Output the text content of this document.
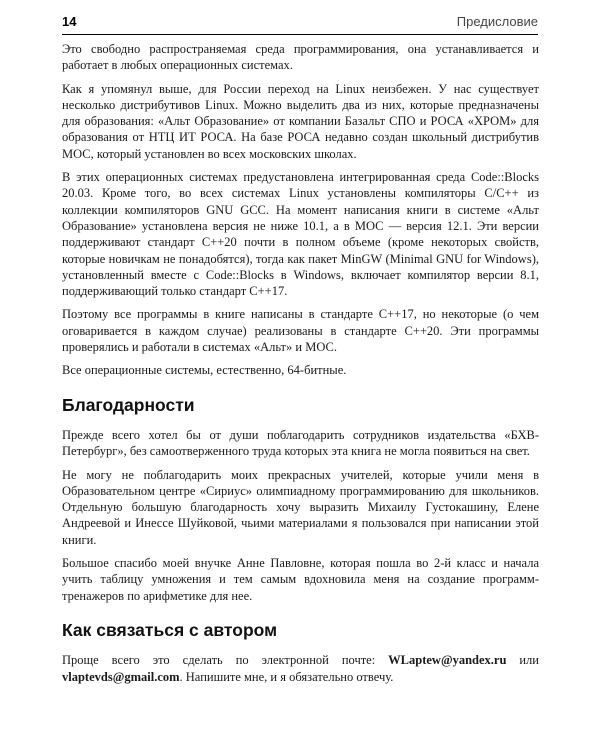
14	Предисловие

Это свободно распространяемая среда программирования, она устанавливается и работает в любых операционных системах.

Как я упомянул выше, для России переход на Linux неизбежен. У нас существует несколько дистрибутивов Linux. Можно выделить два из них, которые предназначены для образования: «Альт Образование» от компании Базальт СПО и РОСА «ХРОМ» для образования от НТЦ ИТ РОСА. На базе РОСА недавно создан школьный дистрибутив МОС, который установлен во всех московских школах.

В этих операционных системах предустановлена интегрированная среда Code::Blocks 20.03. Кроме того, во всех системах Linux установлены компиляторы C/C++ из коллекции компиляторов GNU GCC. На момент написания книги в системе «Альт Образование» установлена версия не ниже 10.1, а в МОС — версия 12.1. Эти версии поддерживают стандарт C++20 почти в полном объеме (кроме некоторых свойств, которые новичкам не понадобятся), тогда как пакет MinGW (Minimal GNU for Windows), установленный вместе с Code::Blocks в Windows, включает компилятор версии 8.1, поддерживающий только стандарт C++17.

Поэтому все программы в книге написаны в стандарте C++17, но некоторые (о чем оговаривается в каждом случае) реализованы в стандарте C++20. Эти программы проверялись и работали в системах «Альт» и МОС.

Все операционные системы, естественно, 64-битные.

Благодарности

Прежде всего хотел бы от души поблагодарить сотрудников издательства «БХВ-Петербург», без самоотверженного труда которых эта книга не могла появиться на свет.

Не могу не поблагодарить моих прекрасных учителей, которые учили меня в Образовательном центре «Сириус» олимпиадному программированию для школьников. Отдельную большую благодарность хочу выразить Михаилу Густокашину, Елене Андреевой и Инессе Шуйковой, чьими материалами я пользовался при написании этой книги.

Большое спасибо моей внучке Анне Павловне, которая пошла во 2-й класс и начала учить таблицу умножения и тем самым вдохновила меня на создание программ-тренажеров по арифметике для нее.

Как связаться с автором

Проще всего это сделать по электронной почте: WLaptew@yandex.ru или vlaptevds@gmail.com. Напишите мне, и я обязательно отвечу.
